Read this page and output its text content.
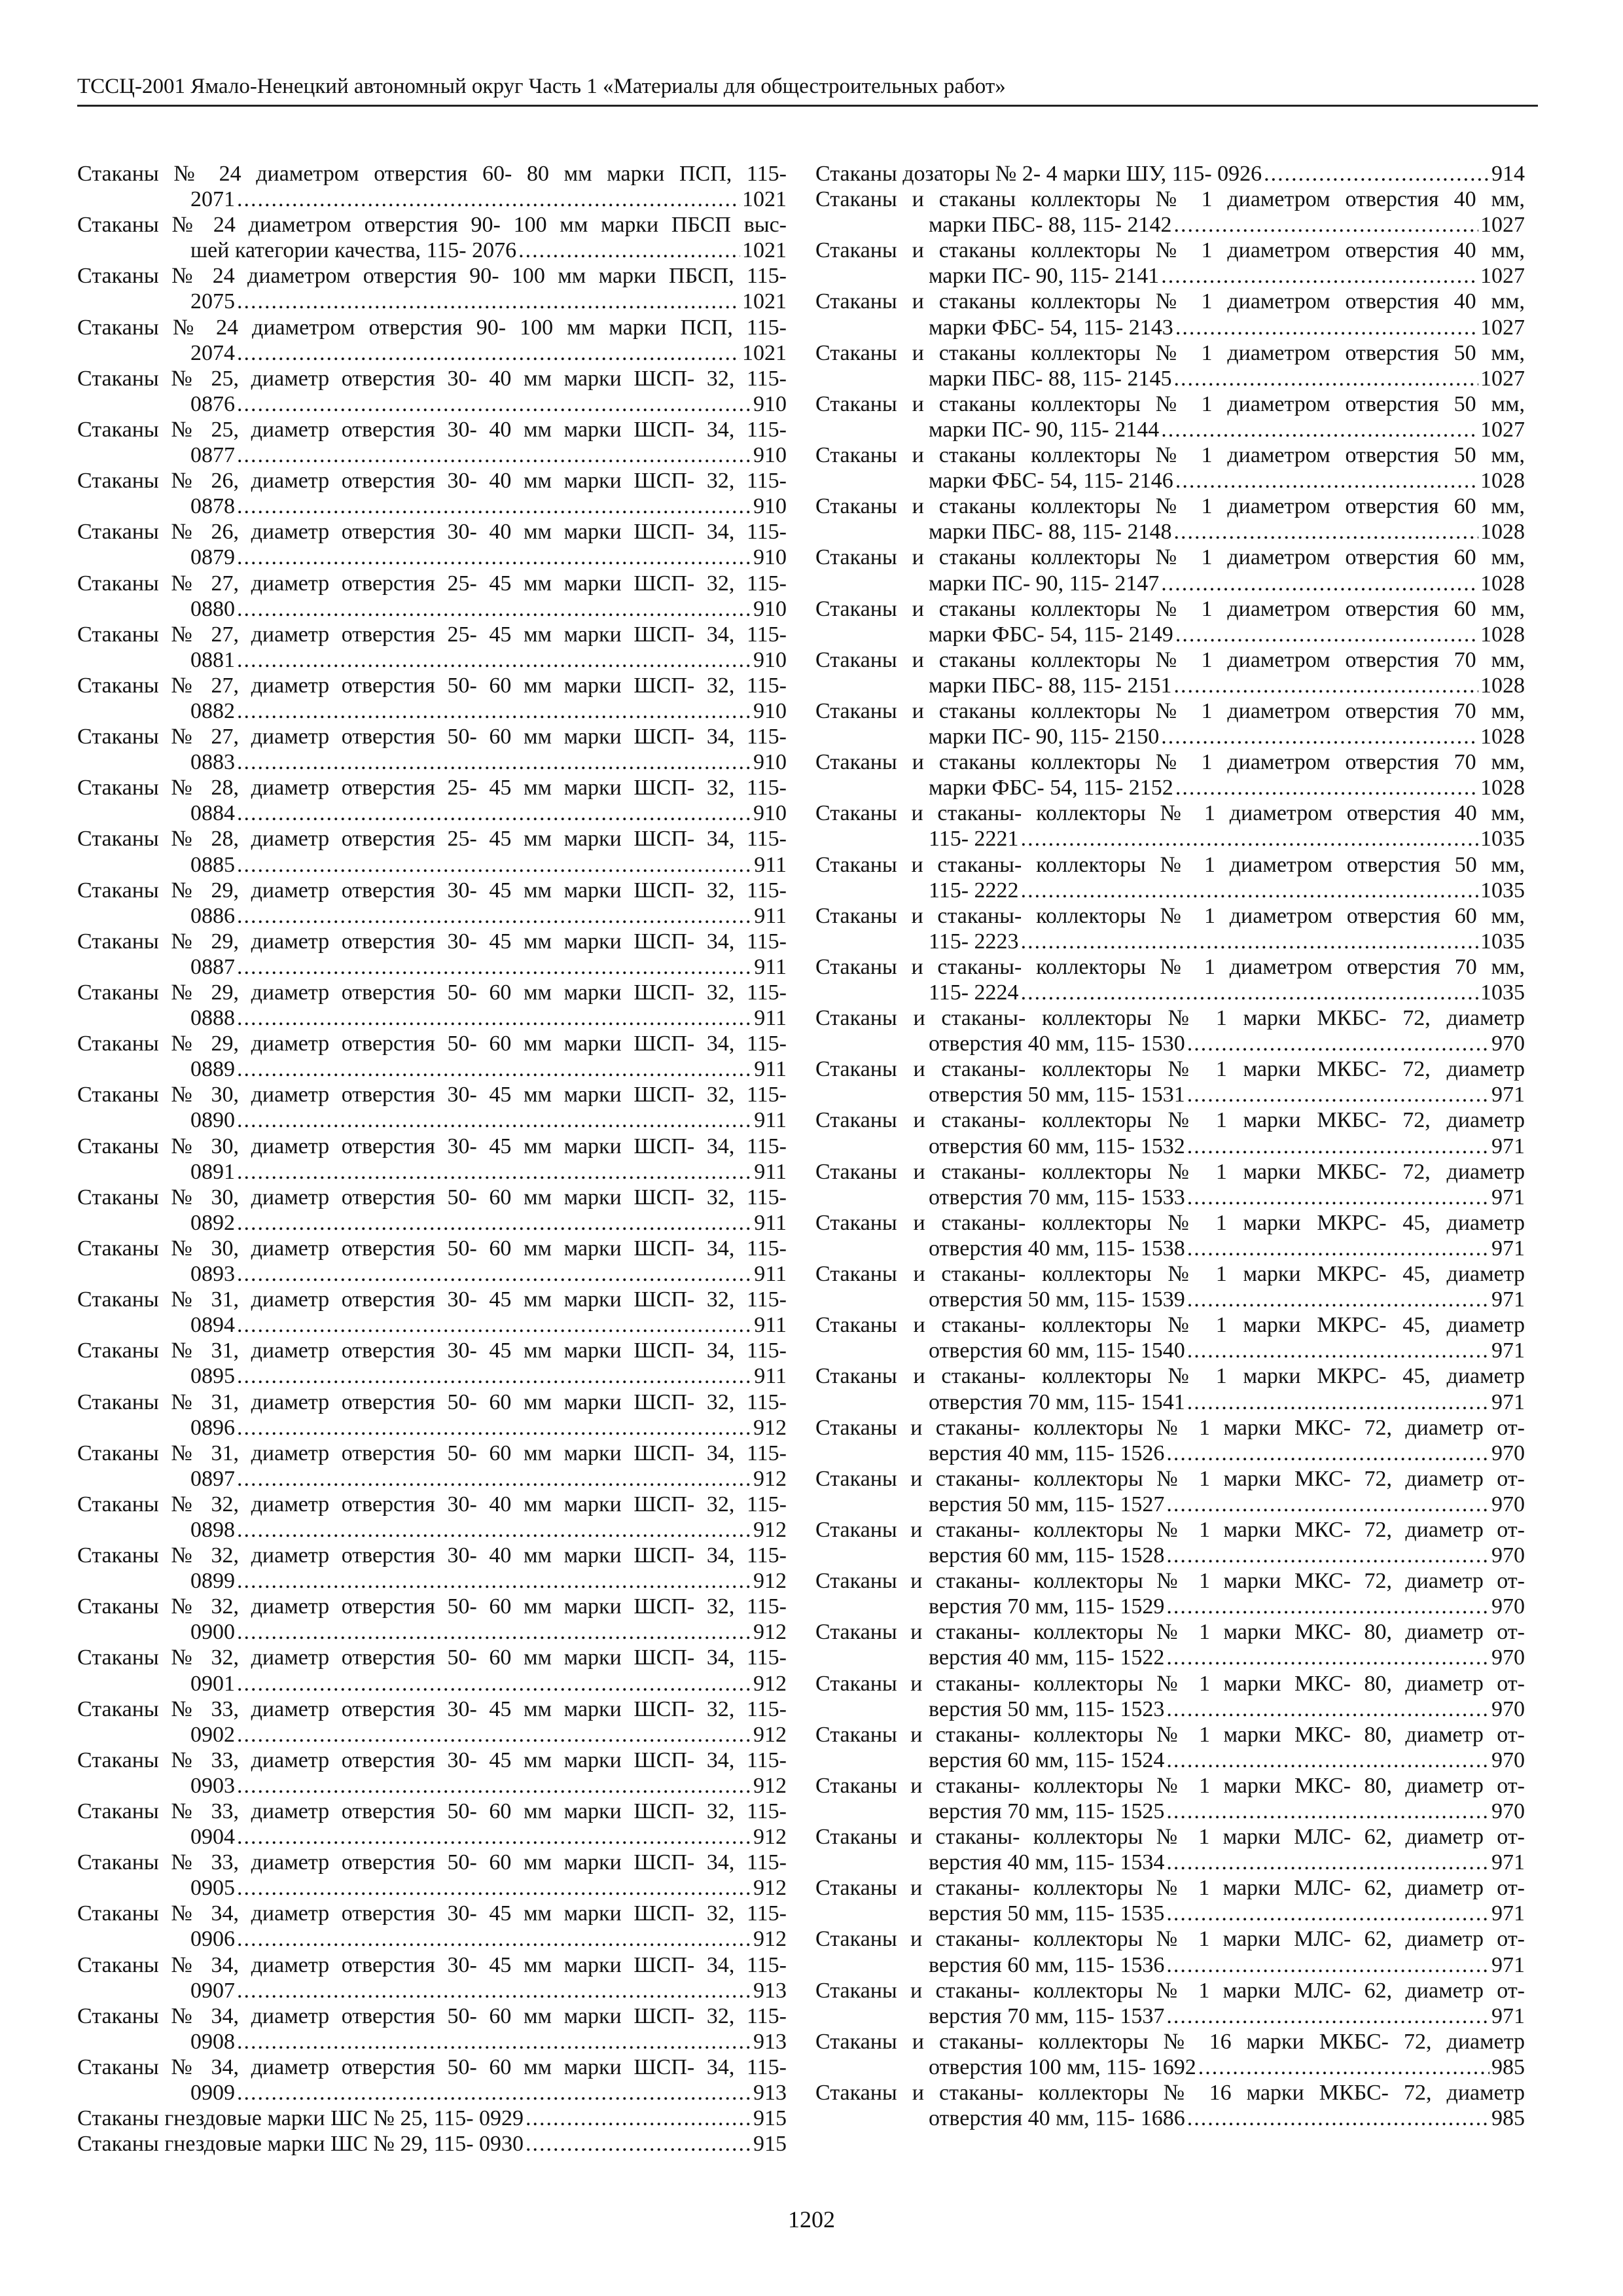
ТССЦ-2001 Ямало-Ненецкий автономный округ Часть 1 «Материалы для общестроительных работ»
Стаканы № 24 диаметром отверстия 60- 80 мм марки ПСП, 115-
2071 .....	1021
Стаканы № 24 диаметром отверстия 90- 100 мм марки ПБСП выс-
шей категории качества, 115- 2076 .....	1021
Стаканы № 24 диаметром отверстия 90- 100 мм марки ПБСП, 115-
2075 .....	1021
Стаканы № 24 диаметром отверстия 90- 100 мм марки ПСП, 115-
2074 .....	1021
Стаканы № 25, диаметр отверстия 30- 40 мм марки ШСП- 32, 115-
0876 .....	910
Стаканы № 25, диаметр отверстия 30- 40 мм марки ШСП- 34, 115-
0877 .....	910
Стаканы № 26, диаметр отверстия 30- 40 мм марки ШСП- 32, 115-
0878 .....	910
Стаканы № 26, диаметр отверстия 30- 40 мм марки ШСП- 34, 115-
0879 .....	910
Стаканы № 27, диаметр отверстия 25- 45 мм марки ШСП- 32, 115-
0880 .....	910
Стаканы № 27, диаметр отверстия 25- 45 мм марки ШСП- 34, 115-
0881 .....	910
Стаканы № 27, диаметр отверстия 50- 60 мм марки ШСП- 32, 115-
0882 .....	910
Стаканы № 27, диаметр отверстия 50- 60 мм марки ШСП- 34, 115-
0883 .....	910
Стаканы № 28, диаметр отверстия 25- 45 мм марки ШСП- 32, 115-
0884 .....	910
Стаканы № 28, диаметр отверстия 25- 45 мм марки ШСП- 34, 115-
0885 .....	911
Стаканы № 29, диаметр отверстия 30- 45 мм марки ШСП- 32, 115-
0886 .....	911
Стаканы № 29, диаметр отверстия 30- 45 мм марки ШСП- 34, 115-
0887 .....	911
Стаканы № 29, диаметр отверстия 50- 60 мм марки ШСП- 32, 115-
0888 .....	911
Стаканы № 29, диаметр отверстия 50- 60 мм марки ШСП- 34, 115-
0889 .....	911
Стаканы № 30, диаметр отверстия 30- 45 мм марки ШСП- 32, 115-
0890 .....	911
Стаканы № 30, диаметр отверстия 30- 45 мм марки ШСП- 34, 115-
0891 .....	911
Стаканы № 30, диаметр отверстия 50- 60 мм марки ШСП- 32, 115-
0892 .....	911
Стаканы № 30, диаметр отверстия 50- 60 мм марки ШСП- 34, 115-
0893 .....	911
Стаканы № 31, диаметр отверстия 30- 45 мм марки ШСП- 32, 115-
0894 .....	911
Стаканы № 31, диаметр отверстия 30- 45 мм марки ШСП- 34, 115-
0895 .....	911
Стаканы № 31, диаметр отверстия 50- 60 мм марки ШСП- 32, 115-
0896 .....	912
Стаканы № 31, диаметр отверстия 50- 60 мм марки ШСП- 34, 115-
0897 .....	912
Стаканы № 32, диаметр отверстия 30- 40 мм марки ШСП- 32, 115-
0898 .....	912
Стаканы № 32, диаметр отверстия 30- 40 мм марки ШСП- 34, 115-
0899 .....	912
Стаканы № 32, диаметр отверстия 50- 60 мм марки ШСП- 32, 115-
0900 .....	912
Стаканы № 32, диаметр отверстия 50- 60 мм марки ШСП- 34, 115-
0901 .....	912
Стаканы № 33, диаметр отверстия 30- 45 мм марки ШСП- 32, 115-
0902 .....	912
Стаканы № 33, диаметр отверстия 30- 45 мм марки ШСП- 34, 115-
0903 .....	912
Стаканы № 33, диаметр отверстия 50- 60 мм марки ШСП- 32, 115-
0904 .....	912
Стаканы № 33, диаметр отверстия 50- 60 мм марки ШСП- 34, 115-
0905 .....	912
Стаканы № 34, диаметр отверстия 30- 45 мм марки ШСП- 32, 115-
0906 .....	912
Стаканы № 34, диаметр отверстия 30- 45 мм марки ШСП- 34, 115-
0907 .....	913
Стаканы № 34, диаметр отверстия 50- 60 мм марки ШСП- 32, 115-
0908 .....	913
Стаканы № 34, диаметр отверстия 50- 60 мм марки ШСП- 34, 115-
0909 .....	913
Стаканы гнездовые марки ШС № 25, 115- 0929 .....	915
Стаканы гнездовые марки ШС № 29, 115- 0930 .....	915
Стаканы дозаторы № 2- 4 марки ШУ, 115- 0926 .....	914
Стаканы и стаканы коллекторы № 1 диаметром отверстия 40 мм,
марки ПБС- 88, 115- 2142 .....	1027
Стаканы и стаканы коллекторы № 1 диаметром отверстия 40 мм,
марки ПС- 90, 115- 2141 .....	1027
Стаканы и стаканы коллекторы № 1 диаметром отверстия 40 мм,
марки ФБС- 54, 115- 2143 .....	1027
Стаканы и стаканы коллекторы № 1 диаметром отверстия 50 мм,
марки ПБС- 88, 115- 2145 .....	1027
Стаканы и стаканы коллекторы № 1 диаметром отверстия 50 мм,
марки ПС- 90, 115- 2144 .....	1027
Стаканы и стаканы коллекторы № 1 диаметром отверстия 50 мм,
марки ФБС- 54, 115- 2146 .....	1028
Стаканы и стаканы коллекторы № 1 диаметром отверстия 60 мм,
марки ПБС- 88, 115- 2148 .....	1028
Стаканы и стаканы коллекторы № 1 диаметром отверстия 60 мм,
марки ПС- 90, 115- 2147 .....	1028
Стаканы и стаканы коллекторы № 1 диаметром отверстия 60 мм,
марки ФБС- 54, 115- 2149 .....	1028
Стаканы и стаканы коллекторы № 1 диаметром отверстия 70 мм,
марки ПБС- 88, 115- 2151 .....	1028
Стаканы и стаканы коллекторы № 1 диаметром отверстия 70 мм,
марки ПС- 90, 115- 2150 .....	1028
Стаканы и стаканы коллекторы № 1 диаметром отверстия 70 мм,
марки ФБС- 54, 115- 2152 .....	1028
Стаканы и стаканы- коллекторы № 1 диаметром отверстия 40 мм,
115- 2221 .....	1035
Стаканы и стаканы- коллекторы № 1 диаметром отверстия 50 мм,
115- 2222 .....	1035
Стаканы и стаканы- коллекторы № 1 диаметром отверстия 60 мм,
115- 2223 .....	1035
Стаканы и стаканы- коллекторы № 1 диаметром отверстия 70 мм,
115- 2224 .....	1035
Стаканы и стаканы- коллекторы № 1 марки МКБС- 72, диаметр
отверстия 40 мм, 115- 1530 .....	970
Стаканы и стаканы- коллекторы № 1 марки МКБС- 72, диаметр
отверстия 50 мм, 115- 1531 .....	971
Стаканы и стаканы- коллекторы № 1 марки МКБС- 72, диаметр
отверстия 60 мм, 115- 1532 .....	971
Стаканы и стаканы- коллекторы № 1 марки МКБС- 72, диаметр
отверстия 70 мм, 115- 1533 .....	971
Стаканы и стаканы- коллекторы № 1 марки МКРС- 45, диаметр
отверстия 40 мм, 115- 1538 .....	971
Стаканы и стаканы- коллекторы № 1 марки МКРС- 45, диаметр
отверстия 50 мм, 115- 1539 .....	971
Стаканы и стаканы- коллекторы № 1 марки МКРС- 45, диаметр
отверстия 60 мм, 115- 1540 .....	971
Стаканы и стаканы- коллекторы № 1 марки МКРС- 45, диаметр
отверстия 70 мм, 115- 1541 .....	971
Стаканы и стаканы- коллекторы № 1 марки МКС- 72, диаметр от-
верстия 40 мм, 115- 1526 .....	970
Стаканы и стаканы- коллекторы № 1 марки МКС- 72, диаметр от-
верстия 50 мм, 115- 1527 .....	970
Стаканы и стаканы- коллекторы № 1 марки МКС- 72, диаметр от-
верстия 60 мм, 115- 1528 .....	970
Стаканы и стаканы- коллекторы № 1 марки МКС- 72, диаметр от-
верстия 70 мм, 115- 1529 .....	970
Стаканы и стаканы- коллекторы № 1 марки МКС- 80, диаметр от-
верстия 40 мм, 115- 1522 .....	970
Стаканы и стаканы- коллекторы № 1 марки МКС- 80, диаметр от-
верстия 50 мм, 115- 1523 .....	970
Стаканы и стаканы- коллекторы № 1 марки МКС- 80, диаметр от-
верстия 60 мм, 115- 1524 .....	970
Стаканы и стаканы- коллекторы № 1 марки МКС- 80, диаметр от-
верстия 70 мм, 115- 1525 .....	970
Стаканы и стаканы- коллекторы № 1 марки МЛС- 62, диаметр от-
верстия 40 мм, 115- 1534 .....	971
Стаканы и стаканы- коллекторы № 1 марки МЛС- 62, диаметр от-
верстия 50 мм, 115- 1535 .....	971
Стаканы и стаканы- коллекторы № 1 марки МЛС- 62, диаметр от-
верстия 60 мм, 115- 1536 .....	971
Стаканы и стаканы- коллекторы № 1 марки МЛС- 62, диаметр от-
верстия 70 мм, 115- 1537 .....	971
Стаканы и стаканы- коллекторы № 16 марки МКБС- 72, диаметр
отверстия 100 мм, 115- 1692 .....	985
Стаканы и стаканы- коллекторы № 16 марки МКБС- 72, диаметр
отверстия 40 мм, 115- 1686 .....	985
1202
